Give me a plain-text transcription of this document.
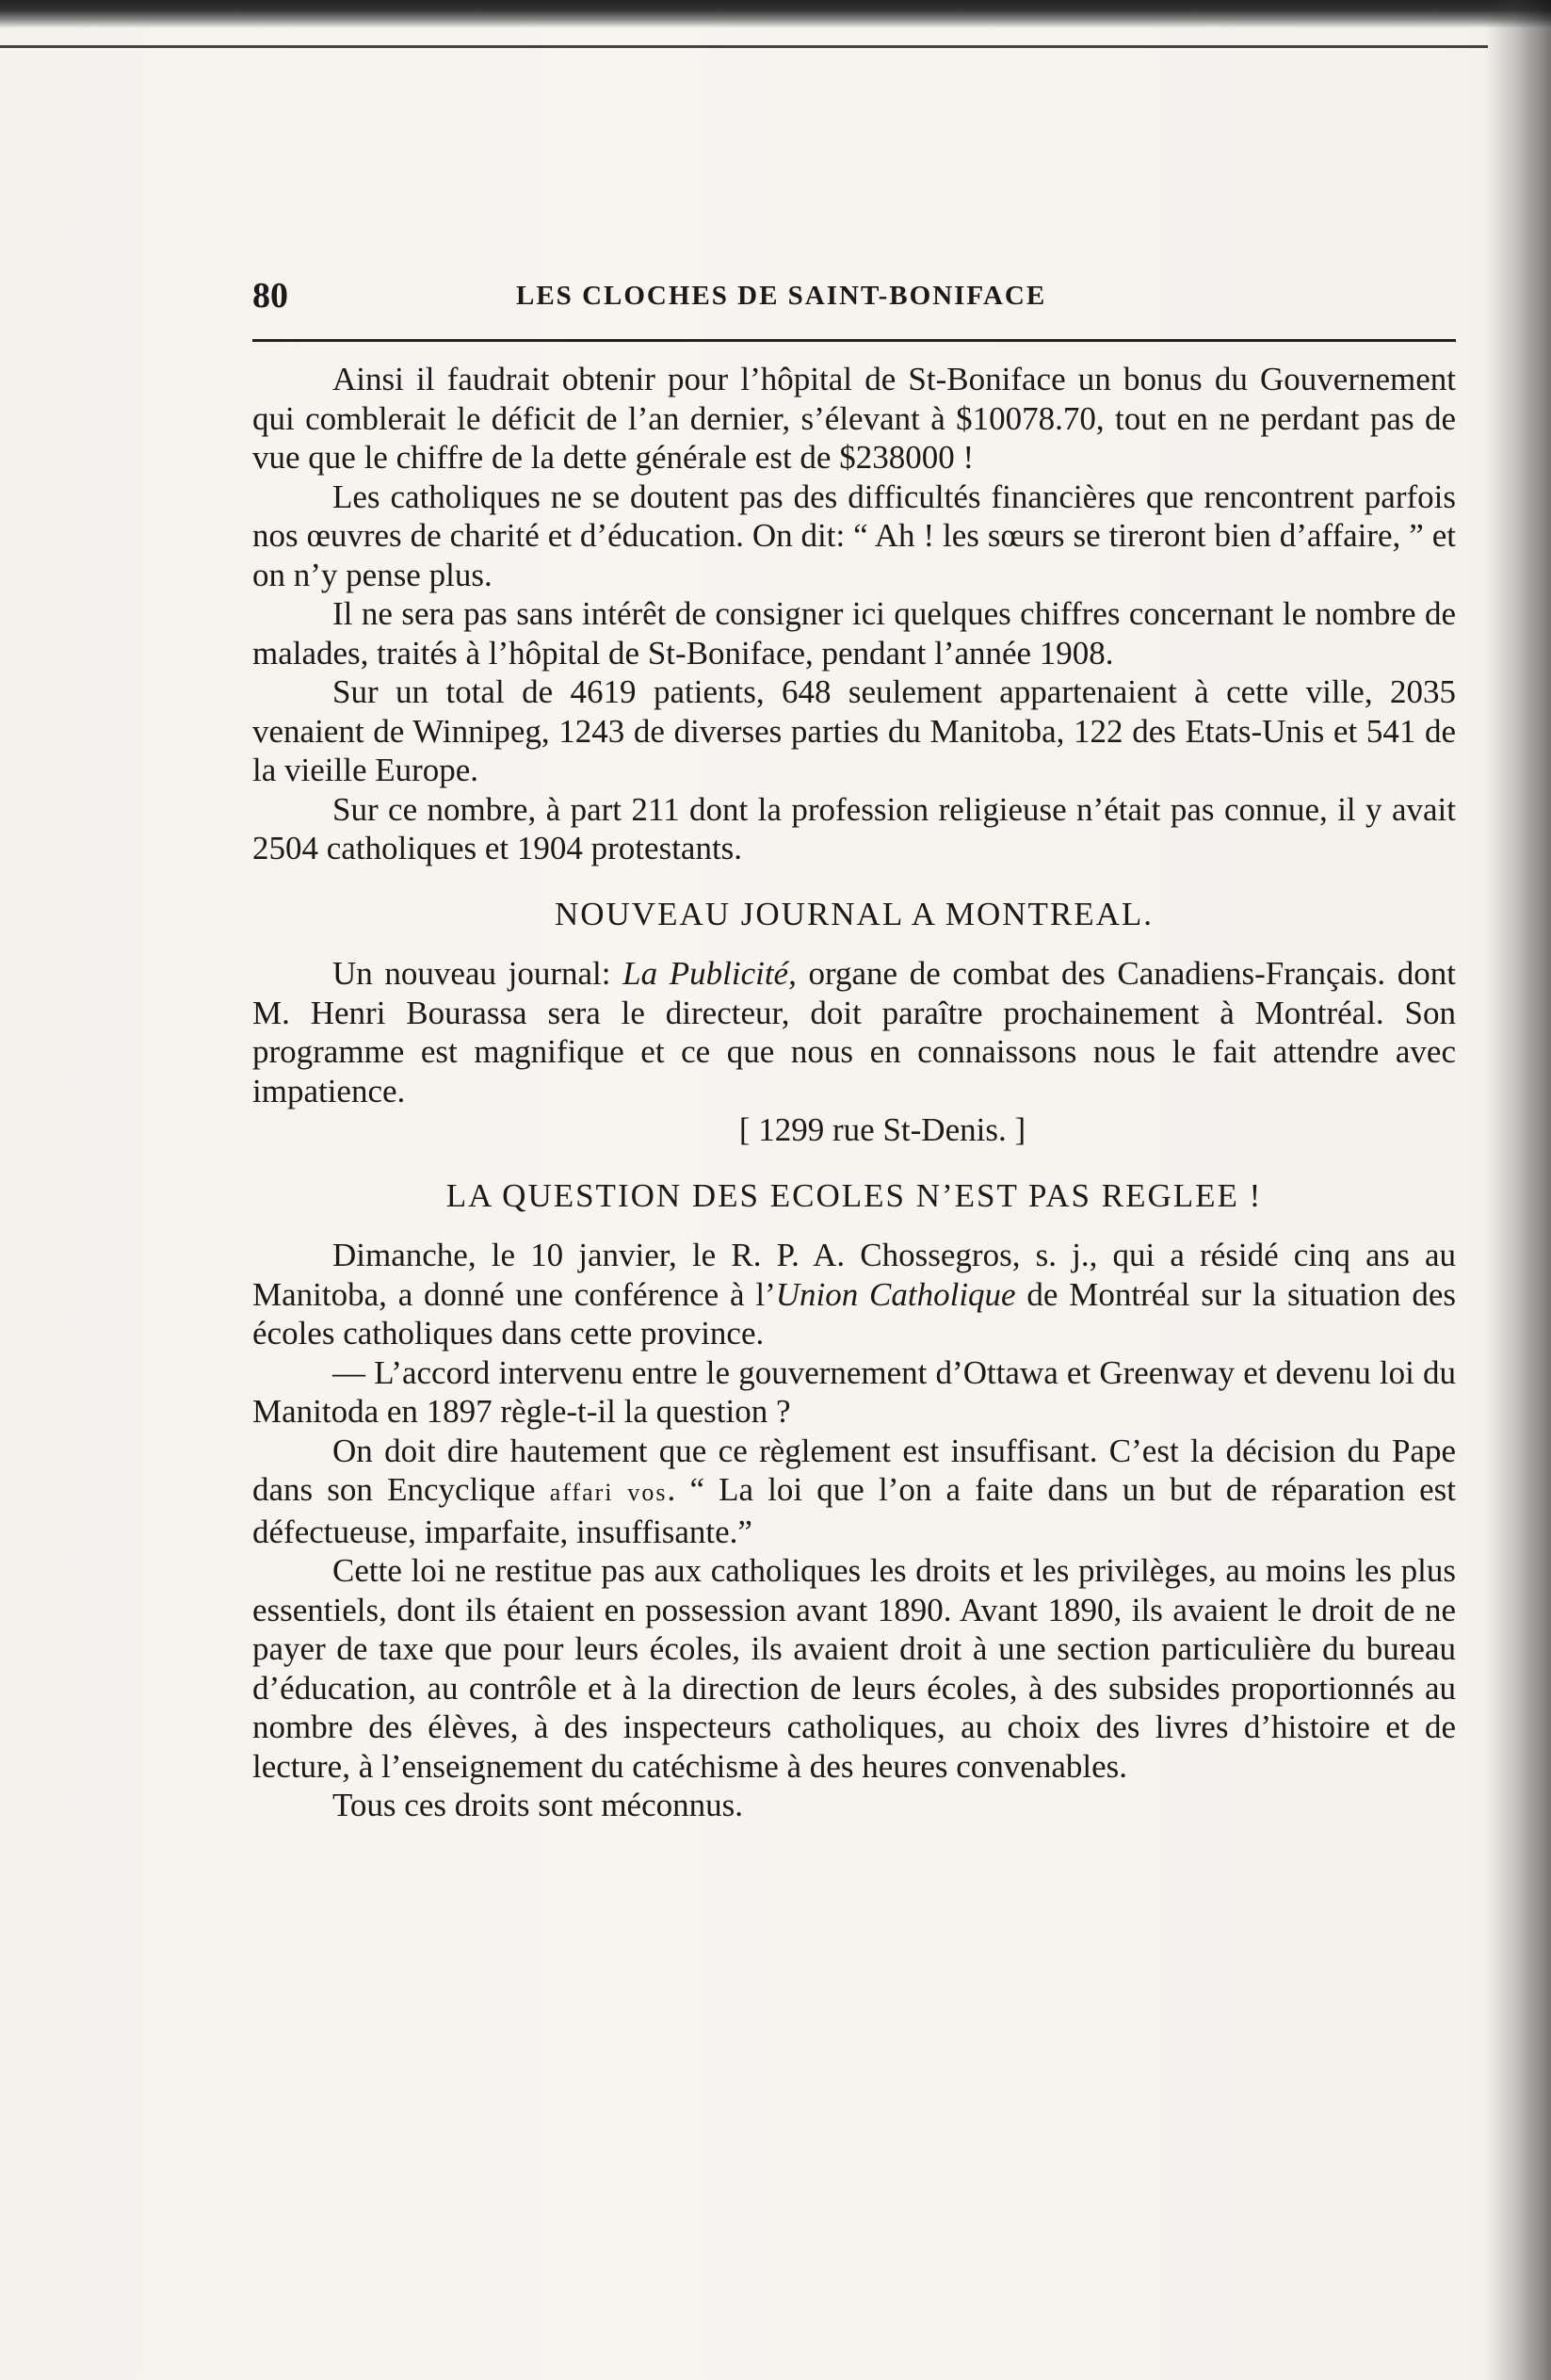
80	LES CLOCHES DE SAINT-BONIFACE

Ainsi il faudrait obtenir pour l’hôpital de St-Boniface un bonus du Gouvernement qui comblerait le déficit de l’an dernier, s’élevant à $10078.70, tout en ne perdant pas de vue que le chiffre de la dette générale est de $238000 !

Les catholiques ne se doutent pas des difficultés financières que rencontrent parfois nos œuvres de charité et d’éducation. On dit: “ Ah ! les sœurs se tireront bien d’affaire, ” et on n’y pense plus.

Il ne sera pas sans intérêt de consigner ici quelques chiffres concernant le nombre de malades, traités à l’hôpital de St-Boniface, pendant l’année 1908.

Sur un total de 4619 patients, 648 seulement appartenaient à cette ville, 2035 venaient de Winnipeg, 1243 de diverses parties du Manitoba, 122 des Etats-Unis et 541 de la vieille Europe.

Sur ce nombre, à part 211 dont la profession religieuse n’était pas connue, il y avait 2504 catholiques et 1904 protestants.

NOUVEAU JOURNAL A MONTREAL.

Un nouveau journal: La Publicité, organe de combat des Canadiens-Français. dont M. Henri Bourassa sera le directeur, doit paraître prochainement à Montréal. Son programme est magnifique et ce que nous en connaissons nous le fait attendre avec impatience.

[ 1299 rue St-Denis. ]

LA QUESTION DES ECOLES N’EST PAS REGLEE !

Dimanche, le 10 janvier, le R. P. A. Chossegros, s. j., qui a résidé cinq ans au Manitoba, a donné une conférence à l’Union Catholique de Montréal sur la situation des écoles catholiques dans cette province.

— L’accord intervenu entre le gouvernement d’Ottawa et Greenway et devenu loi du Manitoda en 1897 règle-t-il la question ?

On doit dire hautement que ce règlement est insuffisant. C’est la décision du Pape dans son Encyclique affari vos. “ La loi que l’on a faite dans un but de réparation est défectueuse, imparfaite, insuffisante.”

Cette loi ne restitue pas aux catholiques les droits et les privilèges, au moins les plus essentiels, dont ils étaient en possession avant 1890. Avant 1890, ils avaient le droit de ne payer de taxe que pour leurs écoles, ils avaient droit à une section particulière du bureau d’éducation, au contrôle et à la direction de leurs écoles, à des subsides proportionnés au nombre des élèves, à des inspecteurs catholiques, au choix des livres d’histoire et de lecture, à l’enseignement du catéchisme à des heures convenables.

Tous ces droits sont méconnus.
